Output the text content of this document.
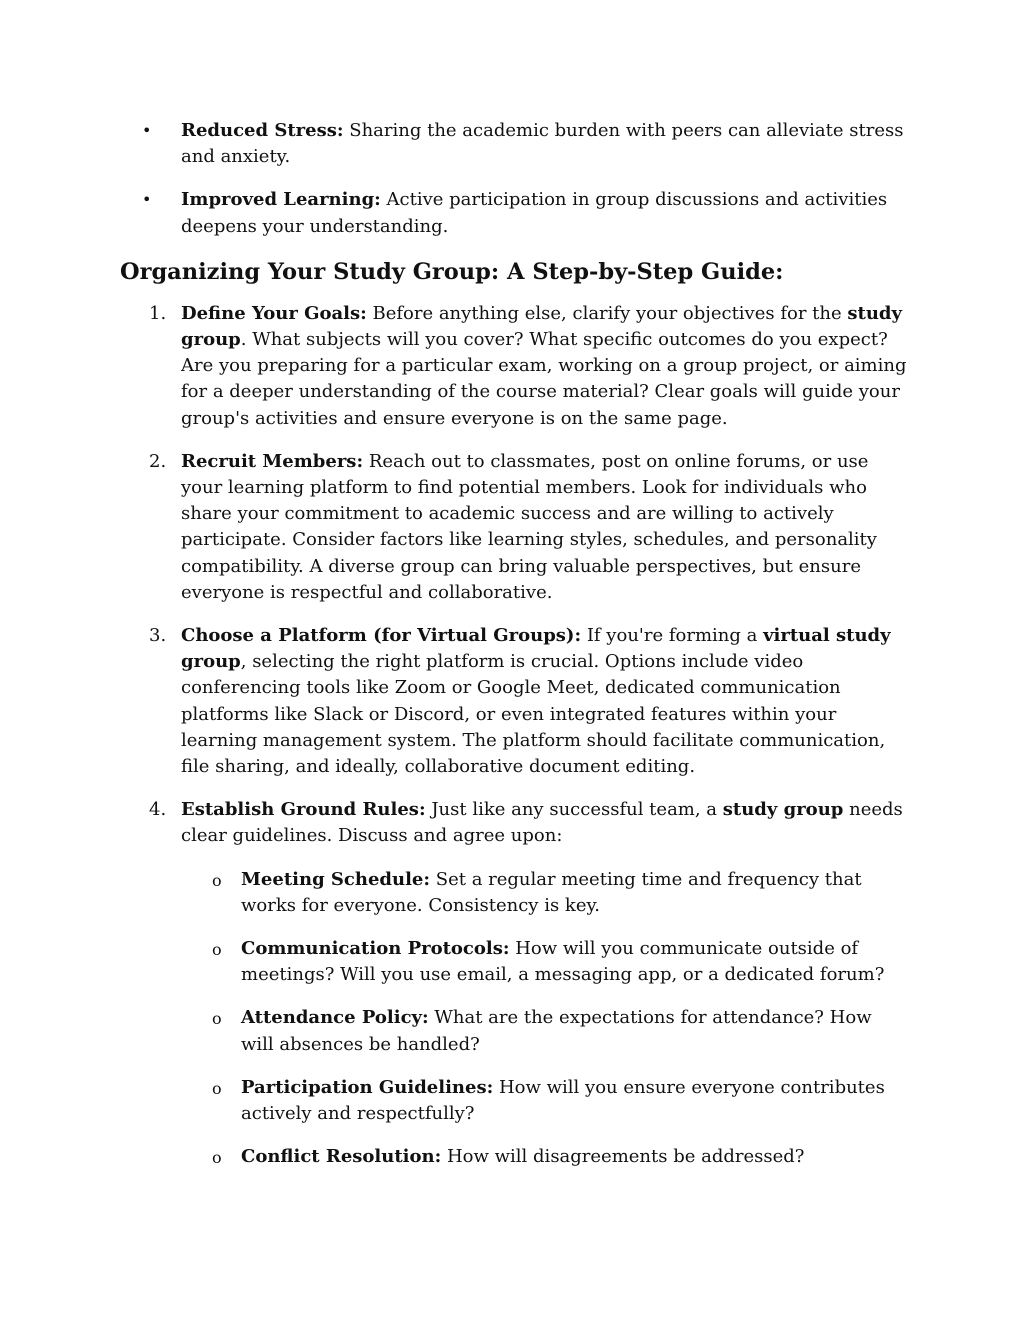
• Reduced Stress: Sharing the academic burden with peers can alleviate stress and anxiety.
• Improved Learning: Active participation in group discussions and activities deepens your understanding.
Organizing Your Study Group: A Step-by-Step Guide:
1. Define Your Goals: Before anything else, clarify your objectives for the study group. What subjects will you cover? What specific outcomes do you expect? Are you preparing for a particular exam, working on a group project, or aiming for a deeper understanding of the course material? Clear goals will guide your group's activities and ensure everyone is on the same page.
2. Recruit Members: Reach out to classmates, post on online forums, or use your learning platform to find potential members. Look for individuals who share your commitment to academic success and are willing to actively participate. Consider factors like learning styles, schedules, and personality compatibility. A diverse group can bring valuable perspectives, but ensure everyone is respectful and collaborative.
3. Choose a Platform (for Virtual Groups): If you're forming a virtual study group, selecting the right platform is crucial. Options include video conferencing tools like Zoom or Google Meet, dedicated communication platforms like Slack or Discord, or even integrated features within your learning management system. The platform should facilitate communication, file sharing, and ideally, collaborative document editing.
4. Establish Ground Rules: Just like any successful team, a study group needs clear guidelines. Discuss and agree upon:
o Meeting Schedule: Set a regular meeting time and frequency that works for everyone. Consistency is key.
o Communication Protocols: How will you communicate outside of meetings? Will you use email, a messaging app, or a dedicated forum?
o Attendance Policy: What are the expectations for attendance? How will absences be handled?
o Participation Guidelines: How will you ensure everyone contributes actively and respectfully?
o Conflict Resolution: How will disagreements be addressed?
